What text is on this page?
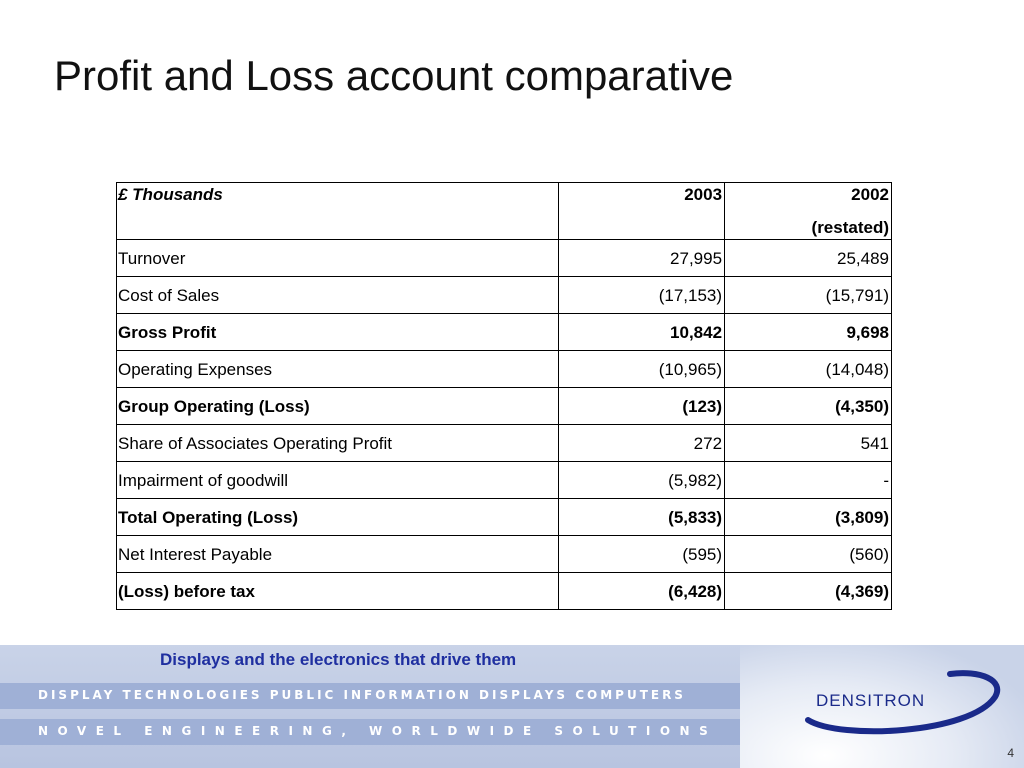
Profit and Loss account comparative
£ Thousands	2003	2002
(restated)

Turnover	27,995	25,489
Cost of Sales	(17,153)	(15,791)
Gross Profit	10,842	9,698
Operating Expenses	(10,965)	(14,048)
Group Operating (Loss)	(123)	(4,350)
Share of Associates Operating Profit	272	541
Impairment of goodwill	(5,982)	-
Total Operating (Loss)	(5,833)	(3,809)
Net Interest Payable	(595)	(560)
(Loss) before tax	(6,428)	(4,369)
Displays and the electronics that drive them
DISPLAY TECHNOLOGIES PUBLIC INFORMATION DISPLAYS COMPUTERS
NOVEL ENGINEERING, WORLDWIDE SOLUTIONS
DENSITRON
4
